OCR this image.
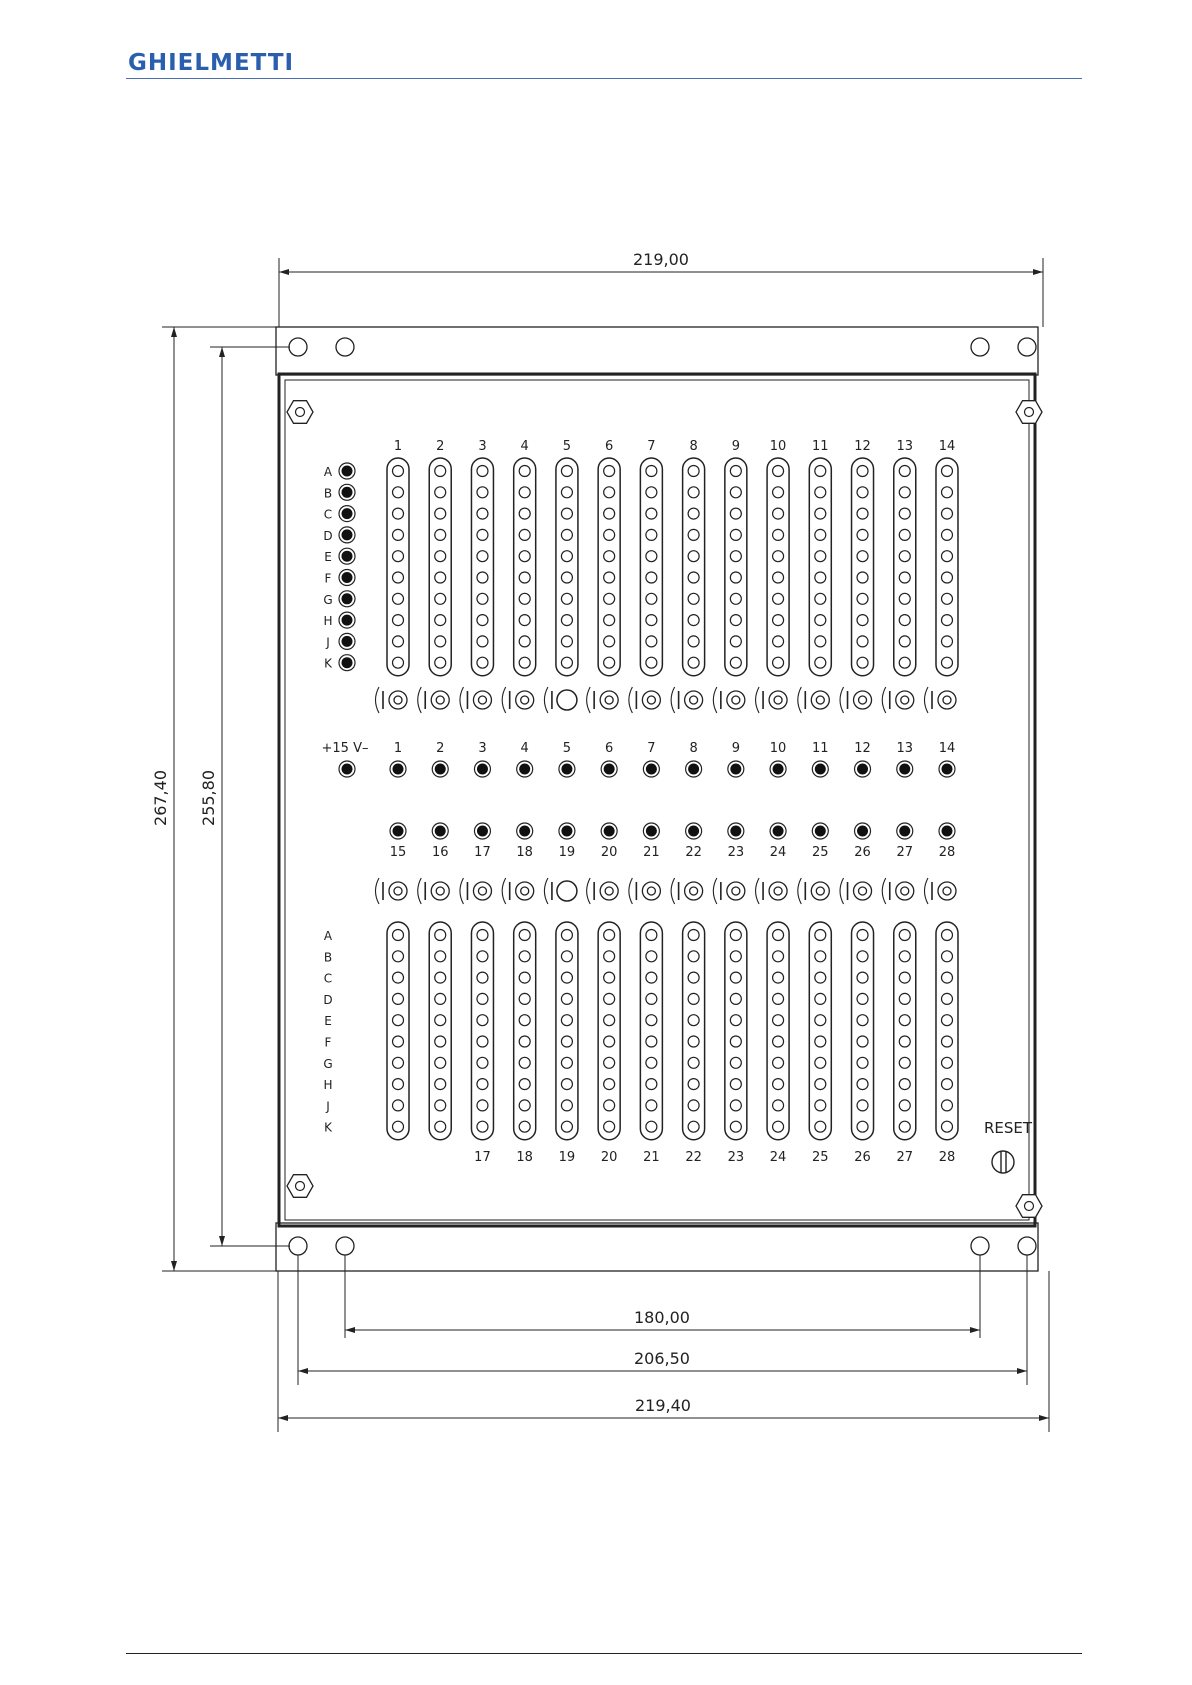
GHIELMETTI
219,00
267,40 255,80
180,00
206,50
219,40
1	2	3	4	5	6	7	8	9 10 11 12 13 14
A
B
C
D
E
F
G
H
J
K
A
B
C
D
E
F
G
H
J
K
+15 V– 1	2	3	4	5	6	7	8	9 10 11 12 13 14
15 16 17 18 19 20 21 22 23 24 25 26 27 28
17 18 19 20 21 22 23 24 25 26 27 28
RESET
